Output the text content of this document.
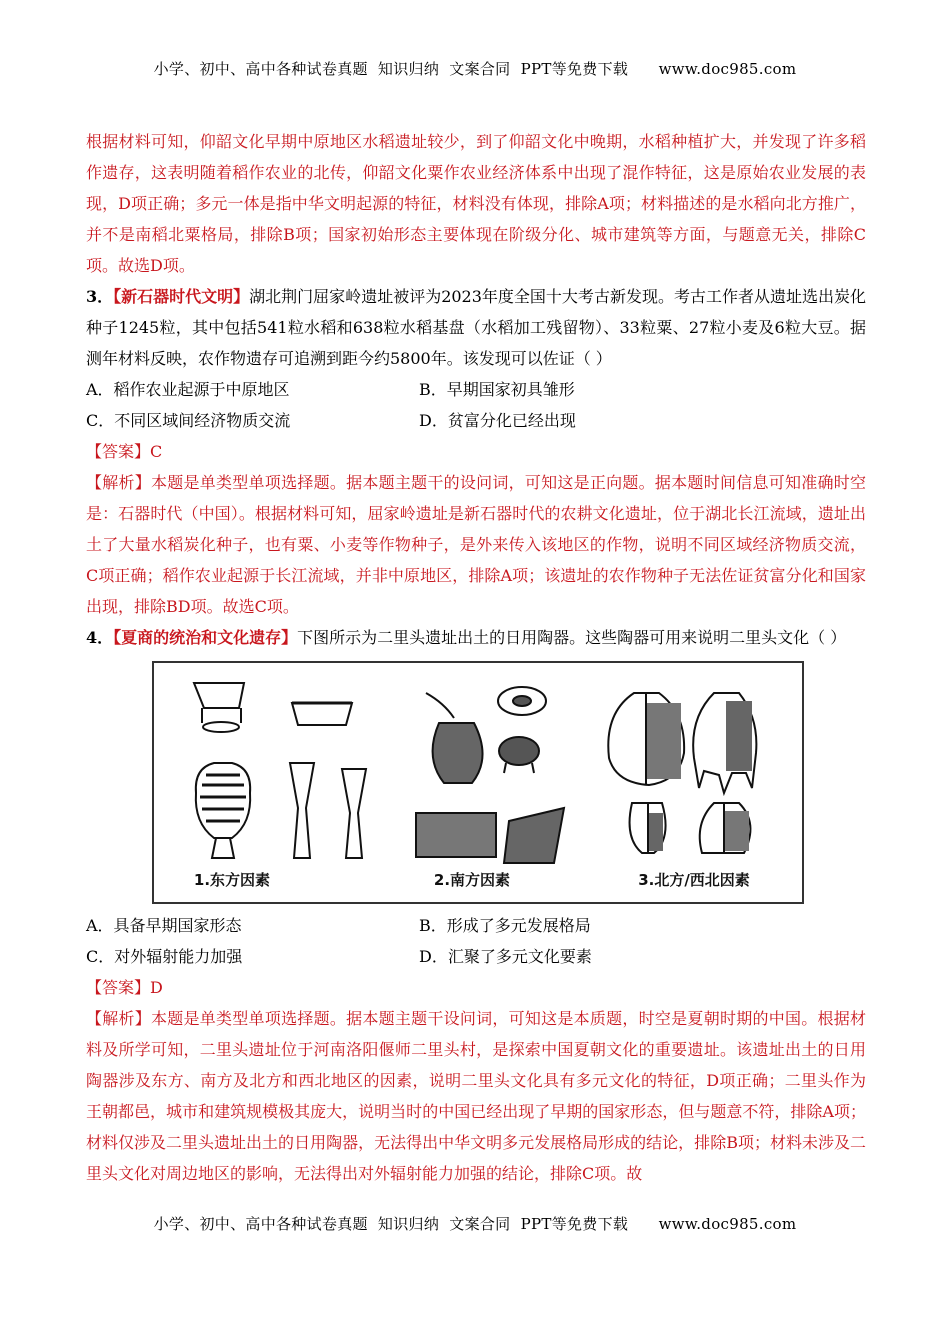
小学、初中、高中各种试卷真题  知识归纳  文案合同  PPT等免费下载      www.doc985.com

根据材料可知，仰韶文化早期中原地区水稻遗址较少，到了仰韶文化中晚期，水稻种植扩大，并发现了许多稻作遗存，这表明随着稻作农业的北传，仰韶文化粟作农业经济体系中出现了混作特征，这是原始农业发展的表现，D项正确；多元一体是指中华文明起源的特征，材料没有体现，排除A项；材料描述的是水稻向北方推广，并不是南稻北粟格局，排除B项；国家初始形态主要体现在阶级分化、城市建筑等方面，与题意无关，排除C项。故选D项。

3．【新石器时代文明】湖北荆门屈家岭遗址被评为2023年度全国十大考古新发现。考古工作者从遗址选出炭化种子1245粒，其中包括541粒水稻和638粒水稻基盘（水稻加工残留物）、33粒粟、27粒小麦及6粒大豆。据测年材料反映，农作物遗存可追溯到距今约5800年。该发现可以佐证（ ）

A．稻作农业起源于中原地区	B．早期国家初具雏形
C．不同区域间经济物质交流	D．贫富分化已经出现

【答案】C

【解析】本题是单类型单项选择题。据本题主题干的设问词，可知这是正向题。据本题时间信息可知准确时空是：石器时代（中国）。根据材料可知，屈家岭遗址是新石器时代的农耕文化遗址，位于湖北长江流域，遗址出土了大量水稻炭化种子，也有粟、小麦等作物种子，是外来传入该地区的作物，说明不同区域经济物质交流，C项正确；稻作农业起源于长江流域，并非中原地区，排除A项；该遗址的农作物种子无法佐证贫富分化和国家出现，排除BD项。故选C项。

4．【夏商的统治和文化遗存】下图所示为二里头遗址出土的日用陶器。这些陶器可用来说明二里头文化（ ）

1.东方因素	2.南方因素	3.北方/西北因素
A．具备早期国家形态	B．形成了多元发展格局
C．对外辐射能力加强	D．汇聚了多元文化要素

【答案】D

【解析】本题是单类型单项选择题。据本题主题干设问词，可知这是本质题，时空是夏朝时期的中国。根据材料及所学可知，二里头遗址位于河南洛阳偃师二里头村，是探索中国夏朝文化的重要遗址。该遗址出土的日用陶器涉及东方、南方及北方和西北地区的因素，说明二里头文化具有多元文化的特征，D项正确；二里头作为王朝都邑，城市和建筑规模极其庞大，说明当时的中国已经出现了早期的国家形态，但与题意不符，排除A项；材料仅涉及二里头遗址出土的日用陶器，无法得出中华文明多元发展格局形成的结论，排除B项；材料未涉及二里头文化对周边地区的影响，无法得出对外辐射能力加强的结论，排除C项。故

小学、初中、高中各种试卷真题  知识归纳  文案合同  PPT等免费下载      www.doc985.com
